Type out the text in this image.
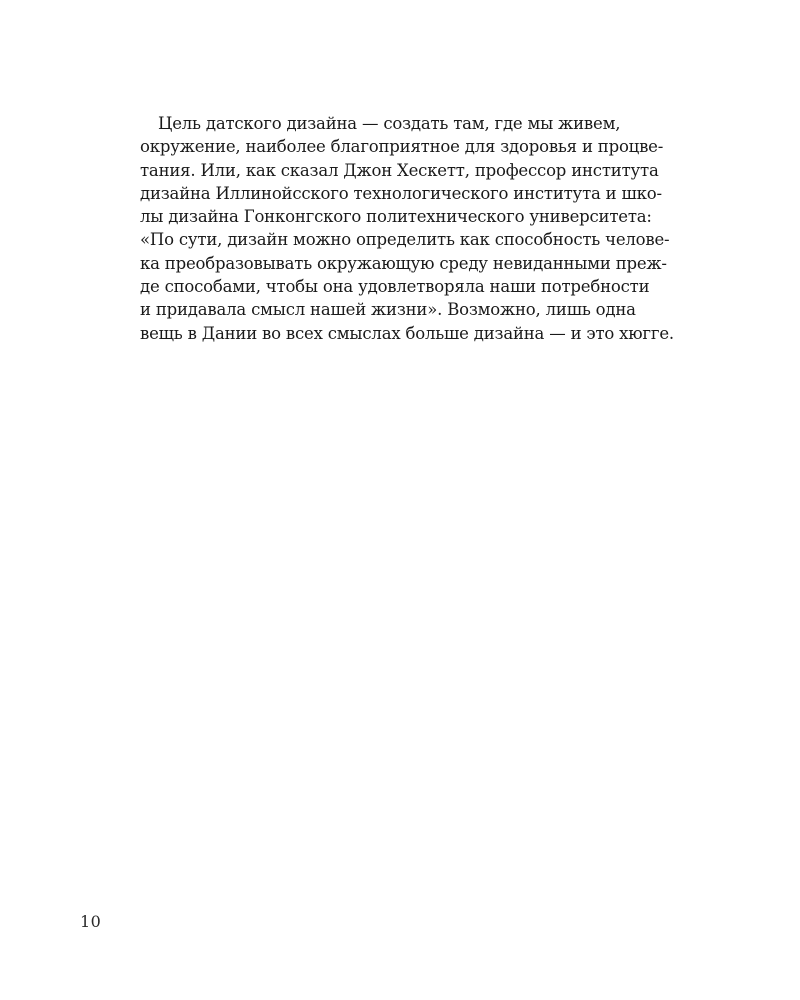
Цель датского дизайна — создать там, где мы живем,
окружение, наиболее благоприятное для здоровья и процве-
тания. Или, как сказал Джон Хескетт, профессор института
дизайна Иллинойсского технологического института и шко-
лы дизайна Гонконгского политехнического университета:
«По сути, дизайн можно определить как способность челове-
ка преобразовывать окружающую среду невиданными преж-
де способами, чтобы она удовлетворяла наши потребности
и придавала смысл нашей жизни». Возможно, лишь одна
вещь в Дании во всех смыслах больше дизайна — и это хюгге.
10
